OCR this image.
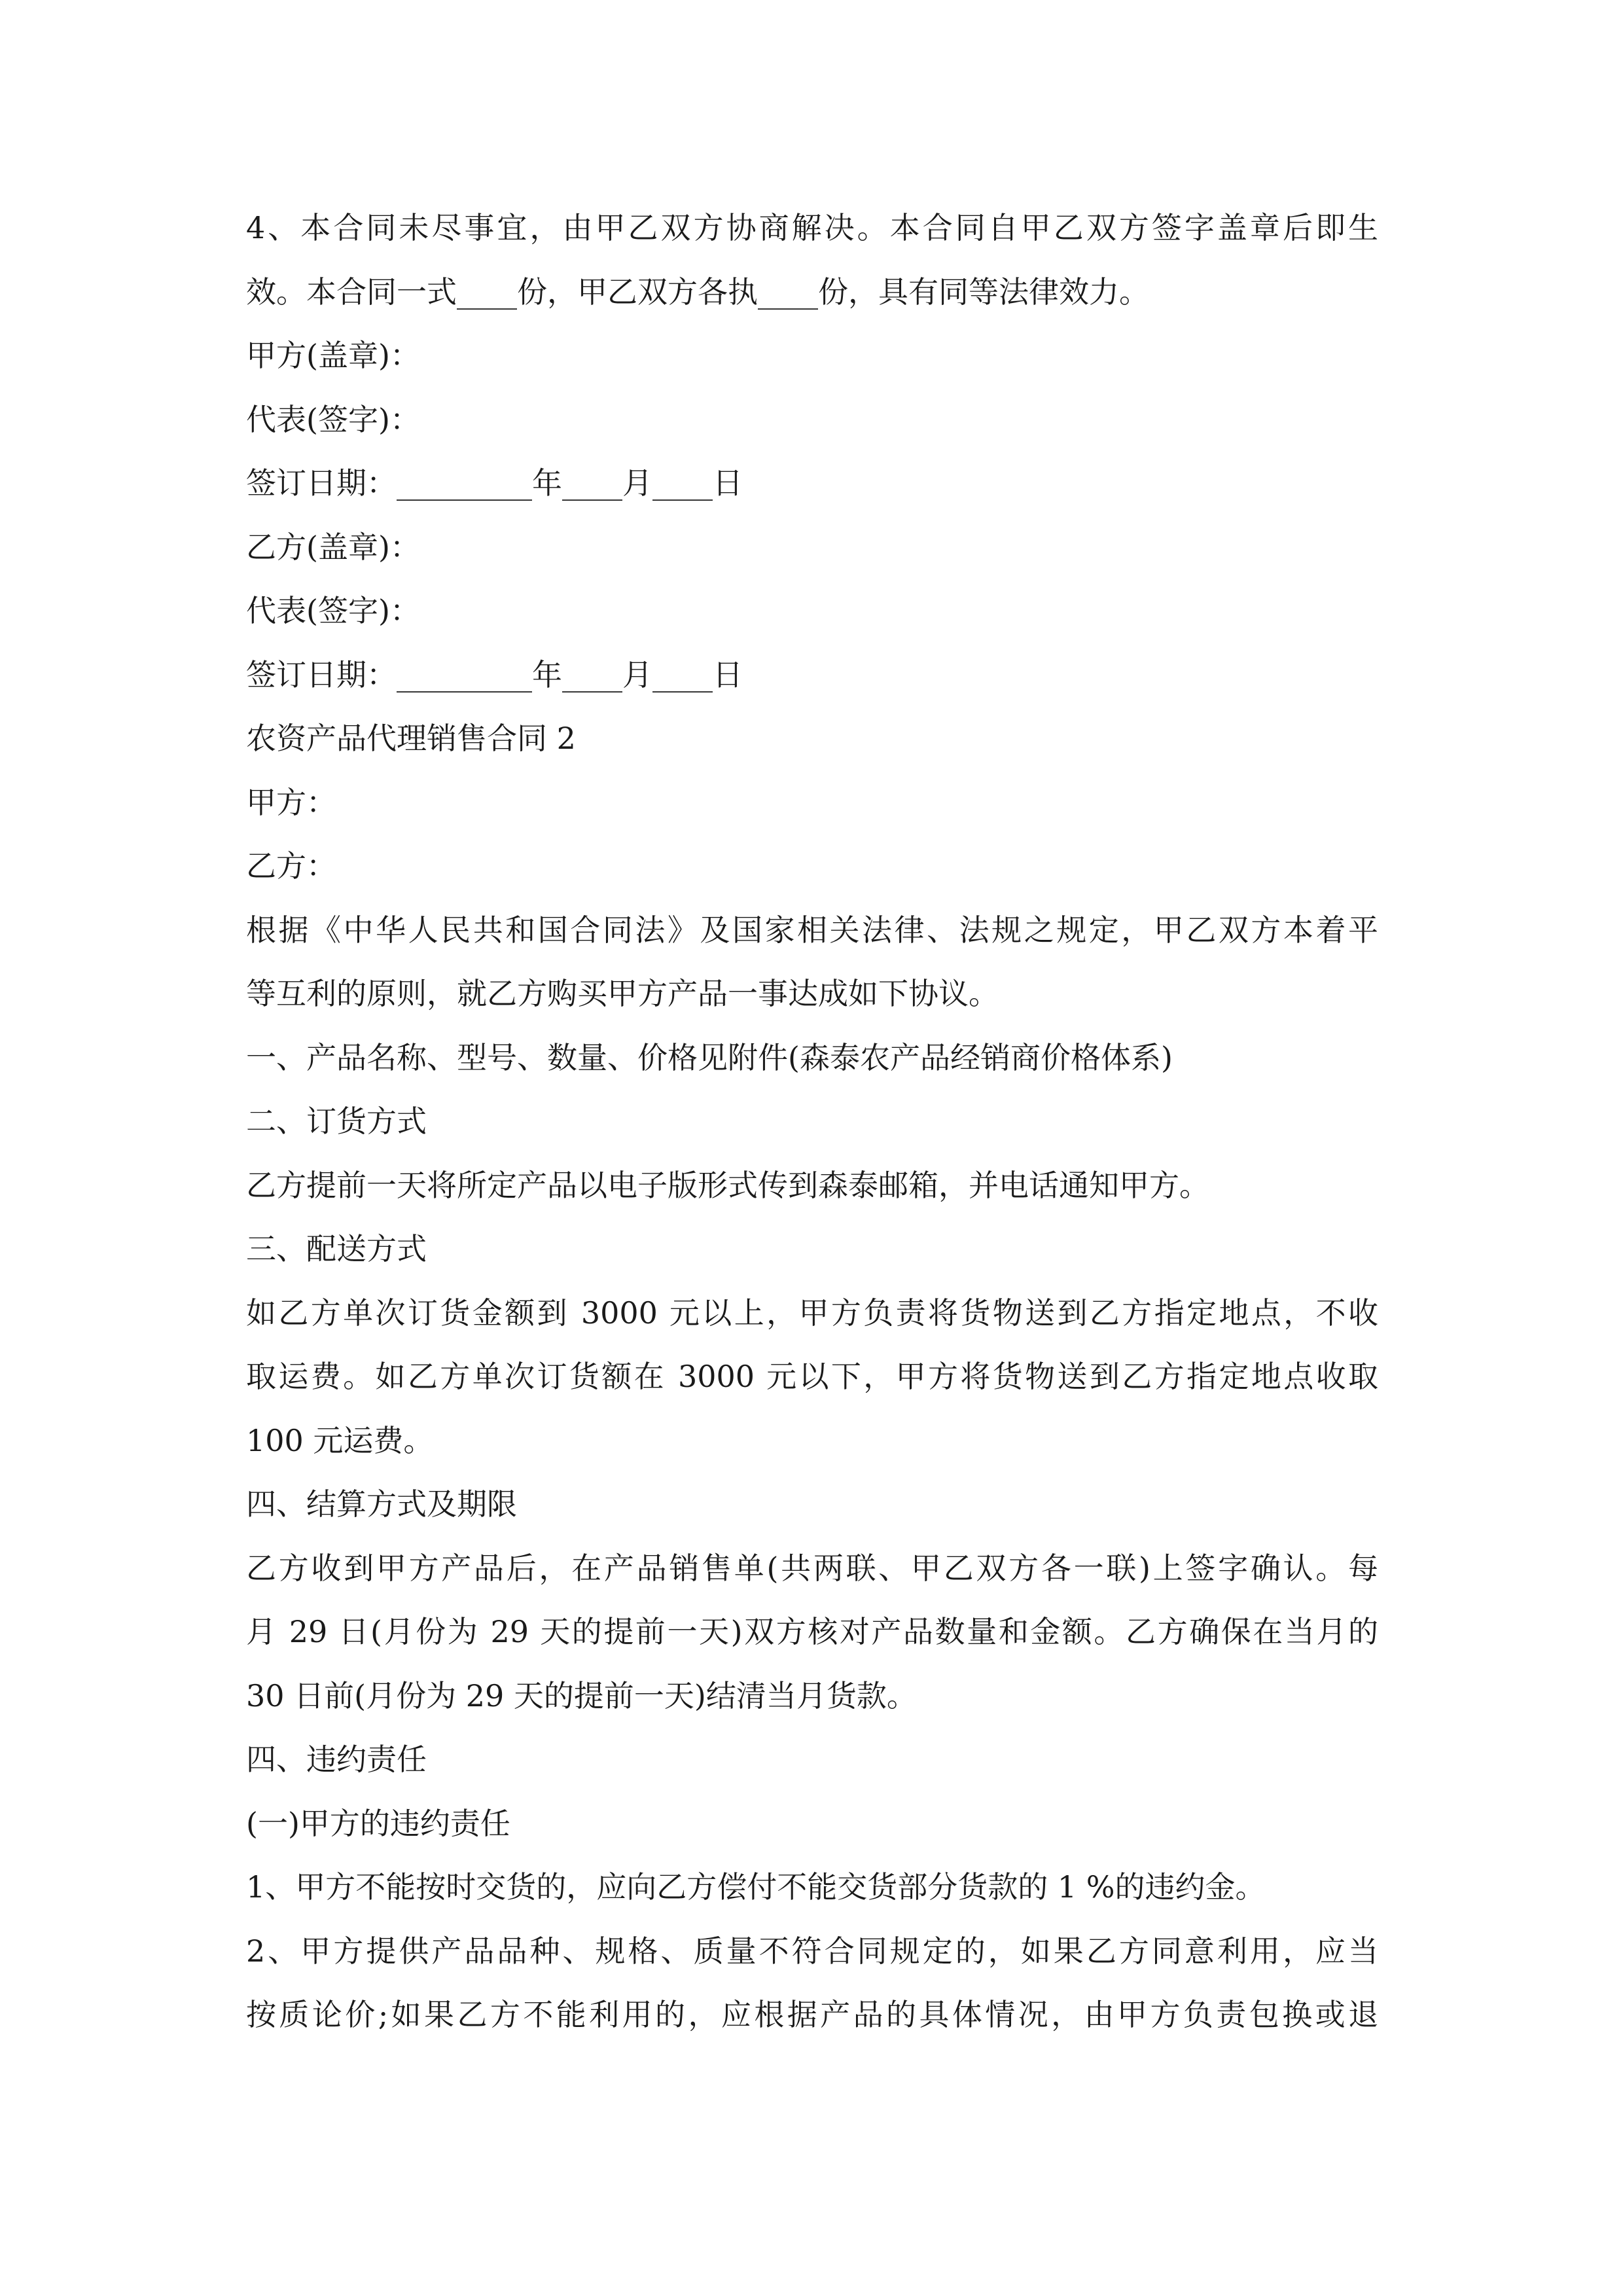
4、本合同未尽事宜，由甲乙双方协商解决。本合同自甲乙双方签字盖章后即生
效。本合同一式____份，甲乙双方各执____份，具有同等法律效力。
甲方(盖章)：
代表(签字)：
签订日期：_________年____月____日
乙方(盖章)：
代表(签字)：
签订日期：_________年____月____日
农资产品代理销售合同 2
甲方：
乙方：
根据《中华人民共和国合同法》及国家相关法律、法规之规定，甲乙双方本着平
等互利的原则，就乙方购买甲方产品一事达成如下协议。
一、产品名称、型号、数量、价格见附件(森泰农产品经销商价格体系)
二、订货方式
乙方提前一天将所定产品以电子版形式传到森泰邮箱，并电话通知甲方。
三、配送方式
如乙方单次订货金额到 3000 元以上，甲方负责将货物送到乙方指定地点，不收
取运费。如乙方单次订货额在 3000 元以下，甲方将货物送到乙方指定地点收取
100 元运费。
四、结算方式及期限
乙方收到甲方产品后，在产品销售单(共两联、甲乙双方各一联)上签字确认。每
月 29 日(月份为 29 天的提前一天)双方核对产品数量和金额。乙方确保在当月的
30 日前(月份为 29 天的提前一天)结清当月货款。
四、违约责任
(一)甲方的违约责任
1、甲方不能按时交货的，应向乙方偿付不能交货部分货款的 1 %的违约金。
2、甲方提供产品品种、规格、质量不符合同规定的，如果乙方同意利用，应当
按质论价;如果乙方不能利用的，应根据产品的具体情况，由甲方负责包换或退
